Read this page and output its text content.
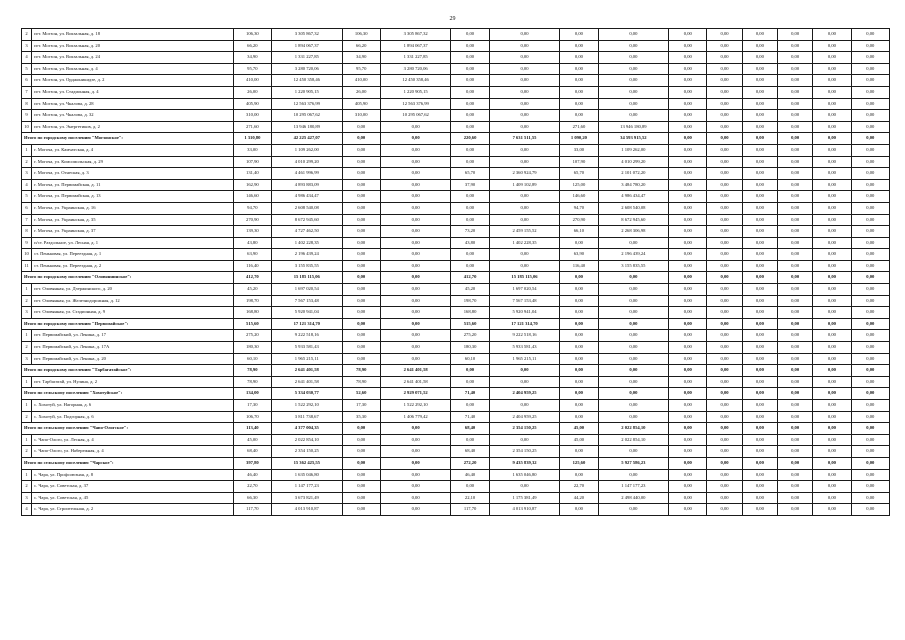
29
2	пгт. Могзон, ул. Вокзальная, д. 18	106,30	3 305 867,32	106,30	3 305 867,32	0,00	0,00	0,00	0,00	0,00	0,00	0,00	0,00	0,00	0,00
3	пгт. Могзон, ул. Вокзальная, д. 20	66,20	1 894 067,37	66,20	1 894 067,37	0,00	0,00	0,00	0,00	0,00	0,00	0,00	0,00	0,00	0,00
4	пгт. Могзон, ул. Вокзальная, д. 24	34,90	1 331 227,85	34,90	1 331 227,85	0,00	0,00	0,00	0,00	0,00	0,00	0,00	0,00	0,00	0,00
5	пгт. Могзон, ул. Вокзальная, д. 4	95,70	3 280 720,06	95,70	3 280 720,06	0,00	0,00	0,00	0,00	0,00	0,00	0,00	0,00	0,00	0,00
6	пгт. Могзон, ул. Орджоникидзе, д. 2	410,00	12 450 358,46	410,00	12 450 358,46	0,00	0,00	0,00	0,00	0,00	0,00	0,00	0,00	0,00	0,00
7	пгт. Могзон, ул. Стадионная, д. 4	26,00	1 220 905,15	26,00	1 220 905,15	0,00	0,00	0,00	0,00	0,00	0,00	0,00	0,00	0,00	0,00
8	пгт. Могзон, ул. Чкалова, д. 28	405,90	12 563 376,99	405,90	12 563 376,99	0,00	0,00	0,00	0,00	0,00	0,00	0,00	0,00	0,00	0,00
9	пгт. Могзон, ул. Чкалова, д. 32	310,00	10 295 067,62	310,00	10 295 067,62	0,00	0,00	0,00	0,00	0,00	0,00	0,00	0,00	0,00	0,00
10	пгт. Могзон, ул. Энергетиков, д. 2	271,60	13 946 180,89	0,00	0,00	0,00	0,00	271,60	13 946 180,89	0,00	0,00	0,00	0,00	0,00	0,00
Итого по городскому поселению "Могзонское":		1 310,80	42 225 427,07	0,00	0,00	220,60	7 631 511,55	1 090,20	34 593 915,52	0,00	0,00	0,00	0,00	0,00	0,00
1	г. Могоча, ул. Камчатская, д. 4	33,00	1 109 262,00	0,00	0,00	0,00	0,00	33,00	1 109 262,00	0,00	0,00	0,00	0,00	0,00	0,00
2	г. Могоча, ул. Комсомольская, д. 29	107,90	4 010 299,20	0,00	0,00	0,00	0,00	107,90	4 010 299,20	0,00	0,00	0,00	0,00	0,00	0,00
3	г. Могоча, ул. Огнеская, д. 3	131,40	4 461 996,99	0,00	0,00	65,70	2 360 924,79	65,70	2 101 072,20	0,00	0,00	0,00	0,00	0,00	0,00
4	г. Могоча, ул. Первомайская, д. 11	162,90	4 893 883,09	0,00	0,00	37,90	1 409 102,89	125,00	3 484 780,20	0,00	0,00	0,00	0,00	0,00	0,00
5	г. Могоча, ул. Первомайская, д. 13	146,60	4 986 434,47	0,00	0,00	0,00	0,00	146,60	4 986 434,47	0,00	0,00	0,00	0,00	0,00	0,00
6	г. Могоча, ул. Украинская, д. 16	94,70	2 608 540,08	0,00	0,00	0,00	0,00	94,70	2 608 540,08	0,00	0,00	0,00	0,00	0,00	0,00
7	г. Могоча, ул. Украинская, д. 35	270,90	8 672 945,60	0,00	0,00	0,00	0,00	270,90	8 672 945,60	0,00	0,00	0,00	0,00	0,00	0,00
8	г. Могоча, ул. Украинская, д. 37	139,30	4 727 462,50	0,00	0,00	73,20	2 459 155,52	66,10	2 268 306,98	0,00	0,00	0,00	0,00	0,00	0,00
9	п/ст. Раздольное, ул. Лесная, д. 1	43,80	1 402 228,35	0,00	0,00	43,80	1 402 228,35	0,00	0,00	0,00	0,00	0,00	0,00	0,00	0,00
10	ст. Пеньковая, ул. Переездная, д. 1	63,90	2 196 439,24	0,00	0,00	0,00	0,00	63,90	2 196 439,24	0,00	0,00	0,00	0,00	0,00	0,00
11	ст. Пеньковая, ул. Переездная, д. 2	116,40	3 155 835,55	0,00	0,00	0,00	0,00	116,40	3 155 835,55	0,00	0,00	0,00	0,00	0,00	0,00
Итого по городскому поселению "Оловяннинское":		412,70	15 185 115,06	0,00	0,00	412,70	15 185 115,06	0,00	0,00	0,00	0,00	0,00	0,00	0,00	0,00
1	пгт. Оловянная, ул. Дзержинского, д. 20	45,20	1 697 020,54	0,00	0,00	45,20	1 697 020,54	0,00	0,00	0,00	0,00	0,00	0,00	0,00	0,00
2	пгт. Оловянная, ул. Железнодорожная, д. 12	198,70	7 567 153,48	0,00	0,00	198,70	7 567 153,48	0,00	0,00	0,00	0,00	0,00	0,00	0,00	0,00
3	пгт. Оловянная, ул. Стадионная, д. 9	168,80	5 920 941,04	0,00	0,00	168,80	5 920 941,04	0,00	0,00	0,00	0,00	0,00	0,00	0,00	0,00
Итого по городскому поселению "Первомайское":		515,60	17 121 314,70	0,00	0,00	515,60	17 121 314,70	0,00	0,00	0,00	0,00	0,00	0,00	0,00	0,00
1	пгт. Первомайский, ул. Ленина, д. 17	275,20	9 222 518,16	0,00	0,00	275,20	9 222 518,16	0,00	0,00	0,00	0,00	0,00	0,00	0,00	0,00
2	пгт. Первомайский, ул. Ленина, д. 17А	180,30	5 933 581,43	0,00	0,00	180,30	5 933 581,43	0,00	0,00	0,00	0,00	0,00	0,00	0,00	0,00
3	пгт. Первомайский, ул. Ленина, д. 20	60,10	1 965 215,11	0,00	0,00	60,10	1 965 215,11	0,00	0,00	0,00	0,00	0,00	0,00	0,00	0,00
Итого по городскому поселению "Тарбагатайское":		78,90	2 641 401,58	78,90	2 641 401,58	0,00	0,00	0,00	0,00	0,00	0,00	0,00	0,00	0,00	0,00
1	пгт. Тарбагатай, ул. Нулина, д. 2	78,90	2 641 401,58	78,90	2 641 401,58	0,00	0,00	0,00	0,00	0,00	0,00	0,00	0,00	0,00	0,00
Итого по сельскому поселению "Хохотуйское":		134,00	5 334 030,77	52,60	2 929 071,52	71,40	2 404 959,25	0,00	0,00	0,00	0,00	0,00	0,00	0,00	0,00
1	с. Хохотуй, ул. Нагорная, д. 6	17,30	1 522 292,10	17,30	1 522 292,10	0,00	0,00	0,00	0,00	0,00	0,00	0,00	0,00	0,00	0,00
2	с. Хохотуй, ул. Подгорная, д. 6	106,70	3 811 738,67	35,30	1 406 779,42	71,40	2 404 959,25	0,00	0,00	0,00	0,00	0,00	0,00	0,00	0,00
Итого по сельскому поселению "Чапо-Ологское":		113,40	4 377 004,35	0,00	0,00	68,40	2 354 150,25	45,00	2 022 854,10	0,00	0,00	0,00	0,00	0,00	0,00
1	с. Чапо-Олого, ул. Лесная, д. 4	45,00	2 022 854,10	0,00	0,00	0,00	0,00	45,00	2 022 854,10	0,00	0,00	0,00	0,00	0,00	0,00
2	с. Чапо-Олого, ул. Набережная, д. 4	68,40	2 354 150,25	0,00	0,00	68,40	2 354 150,25	0,00	0,00	0,00	0,00	0,00	0,00	0,00	0,00
Итого по сельскому поселению "Чарское":		397,80	15 362 425,55	0,00	0,00	272,20	9 435 839,32	125,60	5 927 586,23	0,00	0,00	0,00	0,00	0,00	0,00
1	с. Чара, ул. Профсоюзная, д. 8	46,40	1 635 046,80	0,00	0,00	46,40	1 635 046,80	0,00	0,00	0,00	0,00	0,00	0,00	0,00	0,00
2	с. Чара, ул. Советская, д. 37	22,70	1 147 177,23	0,00	0,00	0,00	0,00	22,70	1 147 177,23	0,00	0,00	0,00	0,00	0,00	0,00
3	с. Чара, ул. Советская, д. 45	66,30	3 673 821,49	0,00	0,00	22,10	1 175 381,49	44,20	2 498 440,00	0,00	0,00	0,00	0,00	0,00	0,00
4	с. Чара, ул. Строительная, д. 2	117,70	4 013 910,87	0,00	0,00	117,70	4 013 910,87	0,00	0,00	0,00	0,00	0,00	0,00	0,00	0,00
